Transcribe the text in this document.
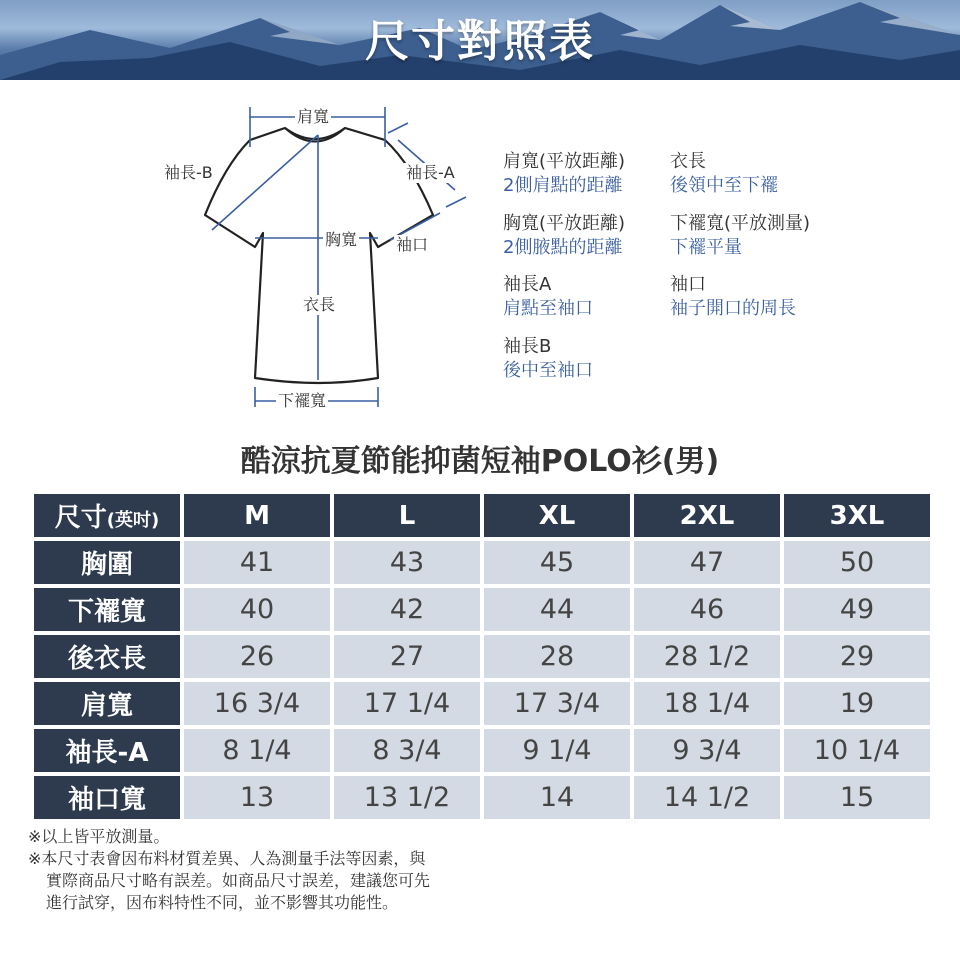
尺寸對照表
肩寬
袖長-B	袖長-A
胸寬 袖口
衣長
下襬寬
肩寬(平放距離)
2側肩點的距離
胸寬(平放距離)
2側腋點的距離
袖長A
肩點至袖口
袖長B
後中至袖口
衣長
後領中至下襬
下襬寬(平放測量)
下襬平量
袖口
袖子開口的周長
酷涼抗夏節能抑菌短袖POLO衫(男)
尺寸(英吋)	M	L	XL	2XL	3XL
胸圍	41	43	45	47	50
下襬寬	40	42	44	46	49
後衣長	26	27	28	28 1/2	29
肩寬	16 3/4	17 1/4	17 3/4	18 1/4	19
袖長-A	8 1/4	8 3/4	9 1/4	9 3/4	10 1/4
袖口寬	13	13 1/2	14	14 1/2	15
※以上皆平放測量。
※本尺寸表會因布料材質差異、人為測量手法等因素，與
實際商品尺寸略有誤差。如商品尺寸誤差，建議您可先
進行試穿，因布料特性不同，並不影響其功能性。
